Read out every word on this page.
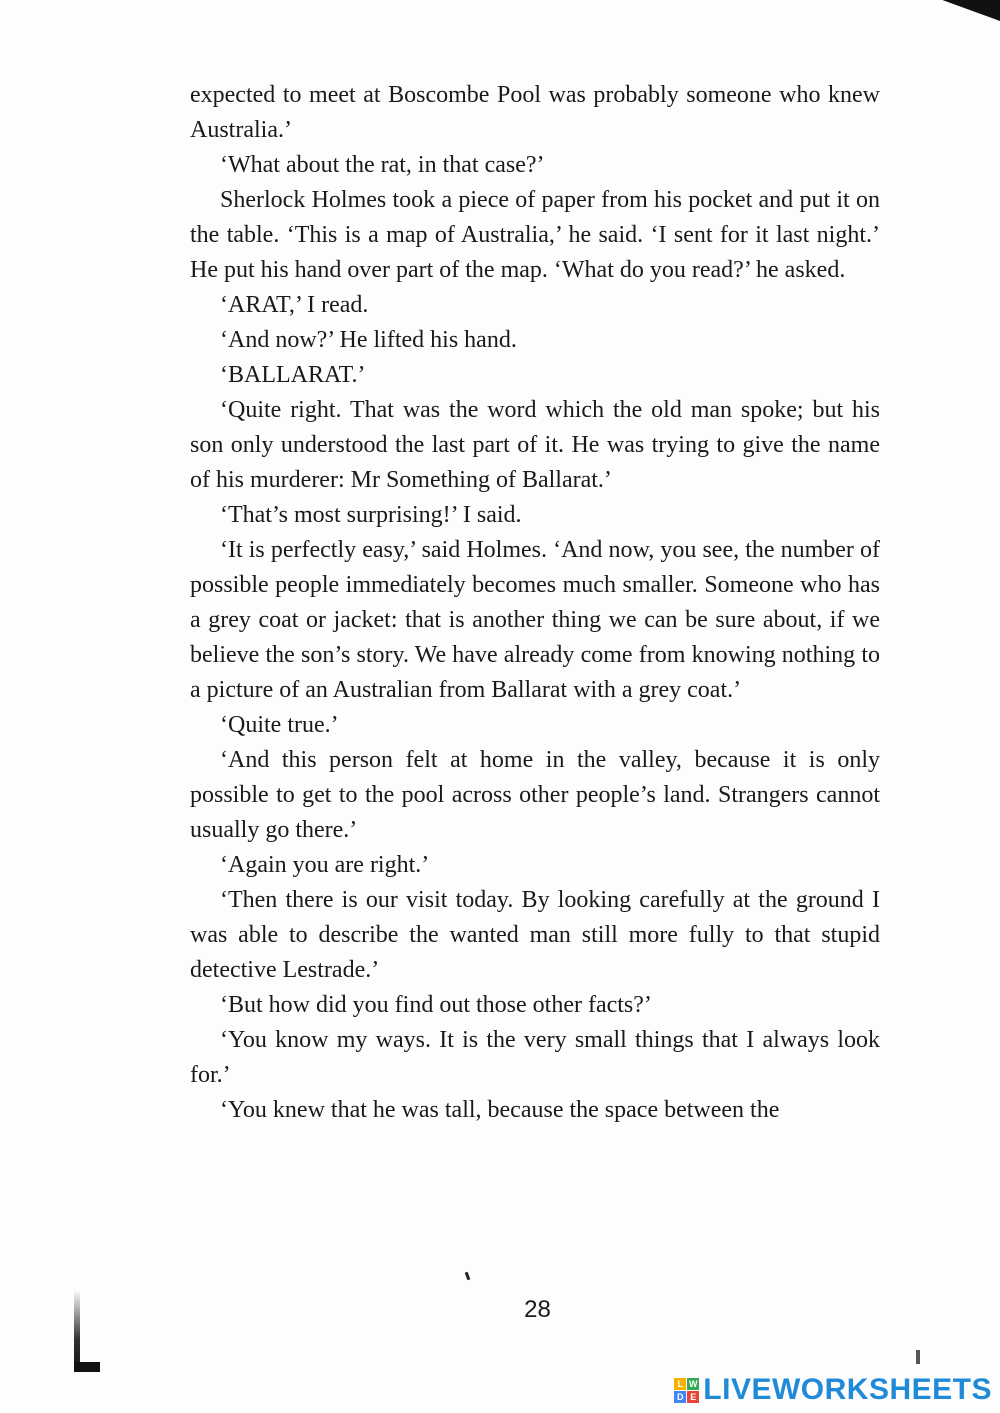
expected to meet at Boscombe Pool was probably someone who knew Australia.’

‘What about the rat, in that case?’

Sherlock Holmes took a piece of paper from his pocket and put it on the table. ‘This is a map of Australia,’ he said. ‘I sent for it last night.’ He put his hand over part of the map. ‘What do you read?’ he asked.

‘ARAT,’ I read.

‘And now?’ He lifted his hand.

‘BALLARAT.’

‘Quite right. That was the word which the old man spoke; but his son only understood the last part of it. He was trying to give the name of his murderer: Mr Something of Ballarat.’

‘That’s most surprising!’ I said.

‘It is perfectly easy,’ said Holmes. ‘And now, you see, the number of possible people immediately becomes much smaller. Someone who has a grey coat or jacket: that is another thing we can be sure about, if we believe the son’s story. We have already come from knowing nothing to a picture of an Australian from Ballarat with a grey coat.’

‘Quite true.’

‘And this person felt at home in the valley, because it is only possible to get to the pool across other people’s land. Strangers cannot usually go there.’

‘Again you are right.’

‘Then there is our visit today. By looking carefully at the ground I was able to describe the wanted man still more fully to that stupid detective Lestrade.’

‘But how did you find out those other facts?’

‘You know my ways. It is the very small things that I always look for.’

‘You knew that he was tall, because the space between the

28
L W
D E LIVEWORKSHEETS
